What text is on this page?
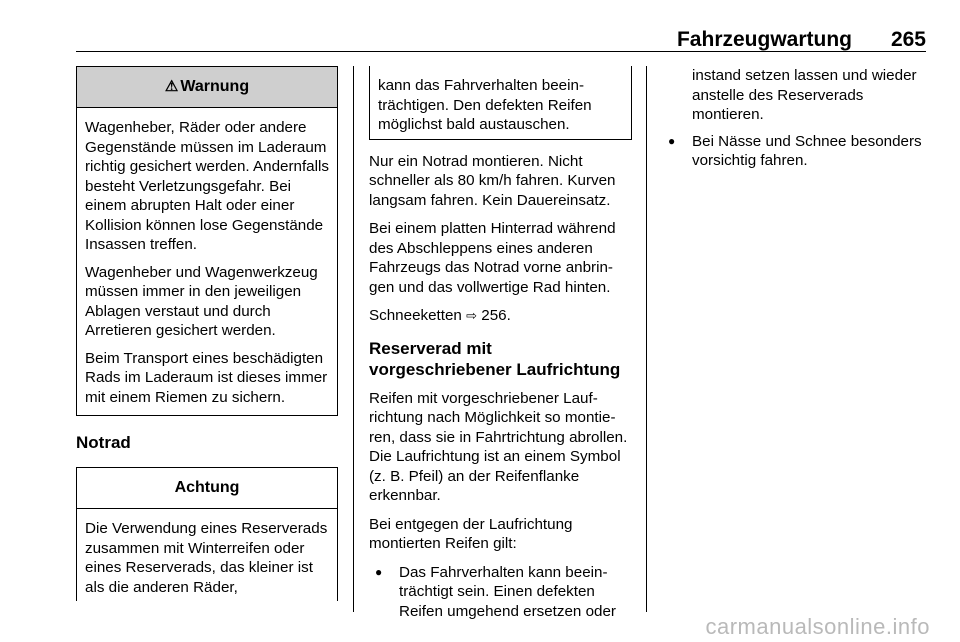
Fahrzeugwartung 265
⚠ Warnung

Wagenheber, Räder oder andere Gegenstände müssen im Laderaum richtig gesichert werden. Andernfalls besteht Verletzungsgefahr. Bei einem abrupten Halt oder einer Kollision können lose Gegenstände Insassen treffen.

Wagenheber und Wagenwerkzeug müssen immer in den jeweiligen Ablagen verstaut und durch Arretieren gesichert werden.

Beim Transport eines beschädigten Rads im Laderaum ist dieses immer mit einem Riemen zu sichern.

Notrad
Achtung

Die Verwendung eines Reserverads zusammen mit Winterreifen oder eines Reserverads, das kleiner ist als die anderen Räder,

kann das Fahrverhalten beeinträchtigen. Den defekten Reifen möglichst bald austauschen.

Nur ein Notrad montieren. Nicht schneller als 80 km/h fahren. Kurven langsam fahren. Kein Dauereinsatz.

Bei einem platten Hinterrad während des Abschleppens eines anderen Fahrzeugs das Notrad vorne anbringen und das vollwertige Rad hinten.

Schneeketten ⇨ 256.

Reserverad mit vorgeschriebener Laufrichtung

Reifen mit vorgeschriebener Laufrichtung nach Möglichkeit so montieren, dass sie in Fahrtrichtung abrollen. Die Laufrichtung ist an einem Symbol (z. B. Pfeil) an der Reifenflanke erkennbar.

Bei entgegen der Laufrichtung montierten Reifen gilt:

● Das Fahrverhalten kann beeinträchtigt sein. Einen defekten Reifen umgehend ersetzen oder
instand setzen lassen und wieder anstelle des Reserverads montieren.
● Bei Nässe und Schnee besonders vorsichtig fahren.
carmanualsonline.info
